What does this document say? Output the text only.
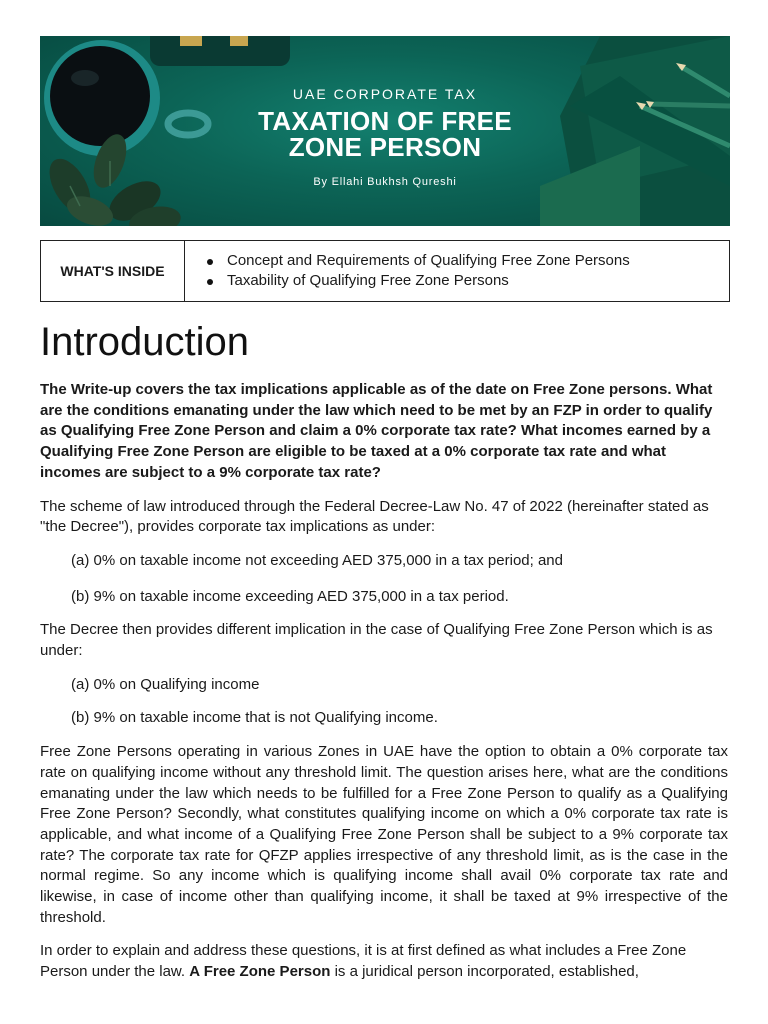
UAE CORPORATE TAX
TAXATION OF FREE
ZONE PERSON
By Ellahi Bukhsh Qureshi
WHAT'S INSIDE
Concept and Requirements of Qualifying Free Zone Persons
Taxability of Qualifying Free Zone Persons
Introduction

The Write-up covers the tax implications applicable as of the date on Free Zone persons. What are the conditions emanating under the law which need to be met by an FZP in order to qualify as Qualifying Free Zone Person and claim a 0% corporate tax rate? What incomes earned by a Qualifying Free Zone Person are eligible to be taxed at a 0% corporate tax rate and what incomes are subject to a 9% corporate tax rate?

The scheme of law introduced through the Federal Decree-Law No. 47 of 2022 (hereinafter stated as "the Decree"), provides corporate tax implications as under:

(a) 0% on taxable income not exceeding AED 375,000 in a tax period; and

(b) 9% on taxable income exceeding AED 375,000 in a tax period.

The Decree then provides different implication in the case of Qualifying Free Zone Person which is as under:

(a) 0% on Qualifying income

(b) 9% on taxable income that is not Qualifying income.

Free Zone Persons operating in various Zones in UAE have the option to obtain a 0% corporate tax rate on qualifying income without any threshold limit. The question arises here, what are the conditions emanating under the law which needs to be fulfilled for a Free Zone Person to qualify as a Qualifying Free Zone Person? Secondly, what constitutes qualifying income on which a 0% corporate tax rate is applicable, and what income of a Qualifying Free Zone Person shall be subject to a 9% corporate tax rate? The corporate tax rate for QFZP applies irrespective of any threshold limit, as is the case in the normal regime. So any income which is qualifying income shall avail 0% corporate tax rate and likewise, in case of income other than qualifying income, it shall be taxed at 9% irrespective of the threshold.

In order to explain and address these questions, it is at first defined as what includes a Free Zone Person under the law. A Free Zone Person is a juridical person incorporated, established,
